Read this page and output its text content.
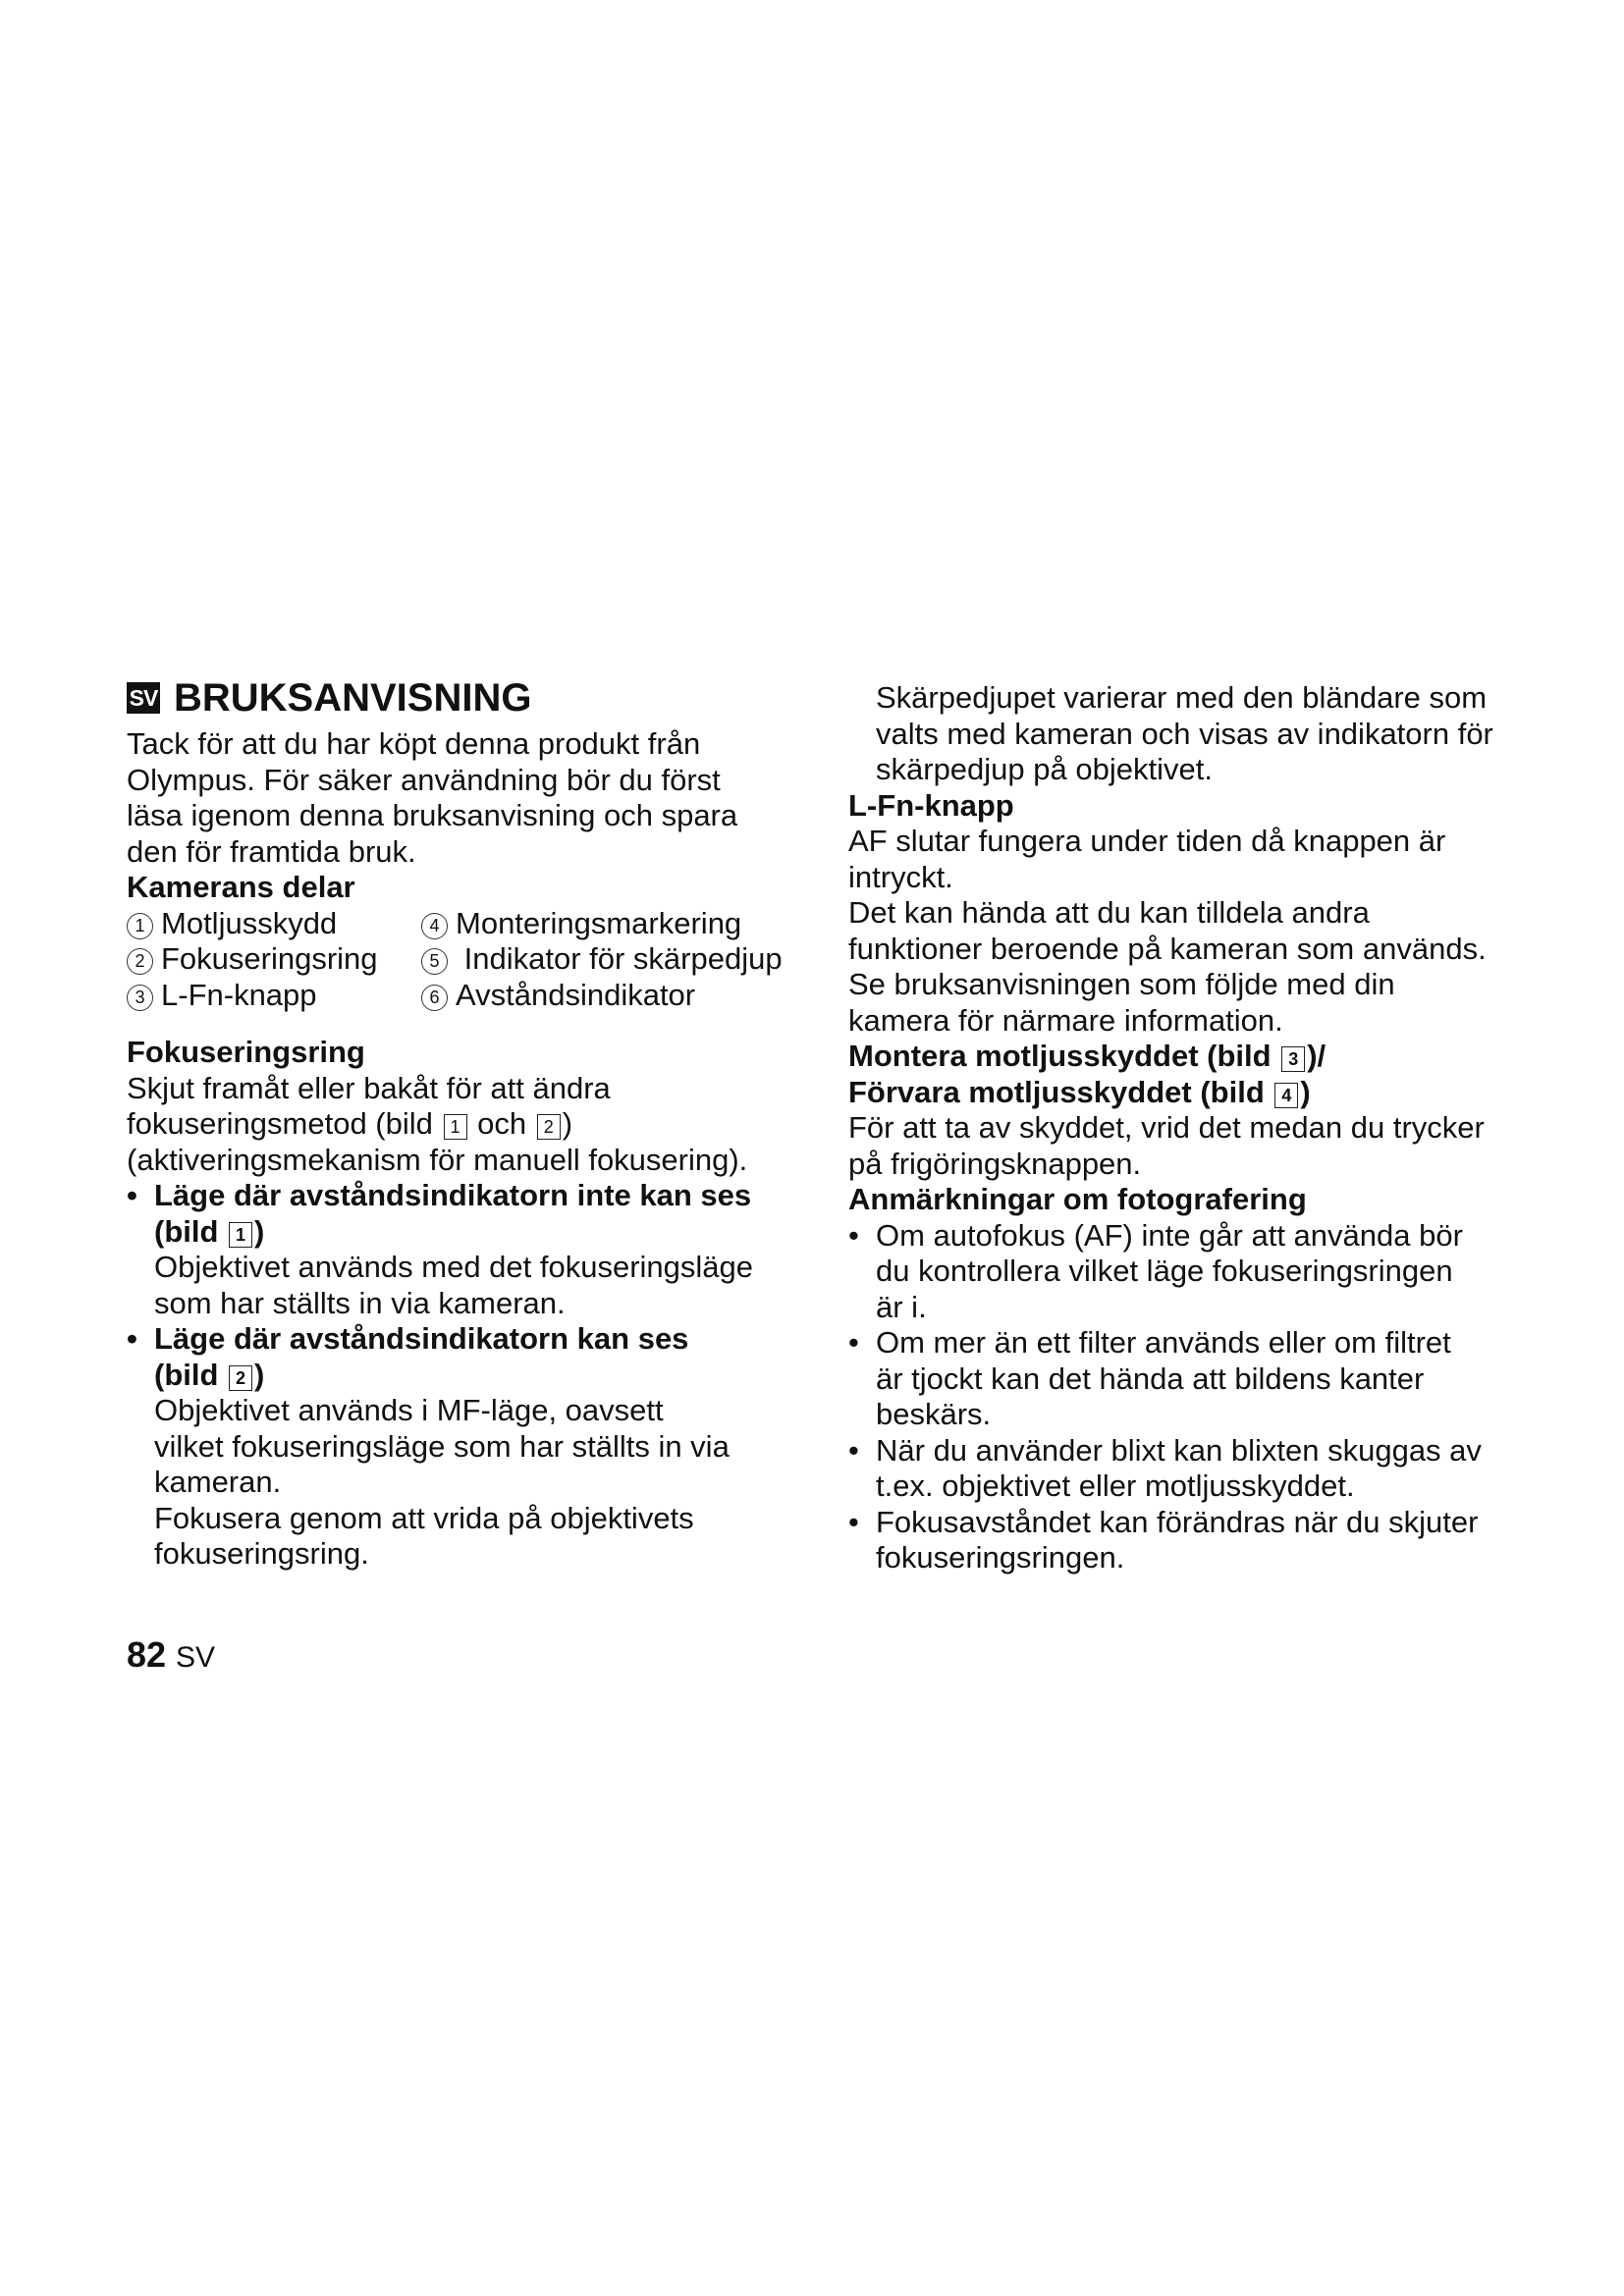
SV BRUKSANVISNING
Tack för att du har köpt denna produkt från
Olympus. För säker användning bör du först
läsa igenom denna bruksanvisning och spara
den för framtida bruk.
Kamerans delar
1 Motljusskydd	4 Monteringsmarkering
2 Fokuseringsring	5 Indikator för skärpedjup
3 L-Fn-knapp	6 Avståndsindikator
Fokuseringsring
Skjut framåt eller bakåt för att ändra
fokuseringsmetod (bild 1 och 2 )
(aktiveringsmekanism för manuell fokusering).
• Läge där avståndsindikatorn inte kan ses
(bild 1 )
Objektivet används med det fokuseringsläge
som har ställts in via kameran.
• Läge där avståndsindikatorn kan ses
(bild 2 )
Objektivet används i MF-läge, oavsett
vilket fokuseringsläge som har ställts in via
kameran.
Fokusera genom att vrida på objektivets
fokuseringsring.
Skärpedjupet varierar med den bländare som
valts med kameran och visas av indikatorn för
skärpedjup på objektivet.
L-Fn-knapp
AF slutar fungera under tiden då knappen är
intryckt.
Det kan hända att du kan tilldela andra
funktioner beroende på kameran som används.
Se bruksanvisningen som följde med din
kamera för närmare information.
Montera motljusskyddet (bild 3 )/
Förvara motljusskyddet (bild 4 )
För att ta av skyddet, vrid det medan du trycker
på frigöringsknappen.
Anmärkningar om fotografering
• Om autofokus (AF) inte går att använda bör
du kontrollera vilket läge fokuseringsringen
är i.
• Om mer än ett filter används eller om filtret
är tjockt kan det hända att bildens kanter
beskärs.
• När du använder blixt kan blixten skuggas av
t.ex. objektivet eller motljusskyddet.
• Fokusavståndet kan förändras när du skjuter
fokuseringsringen.
82 SV
